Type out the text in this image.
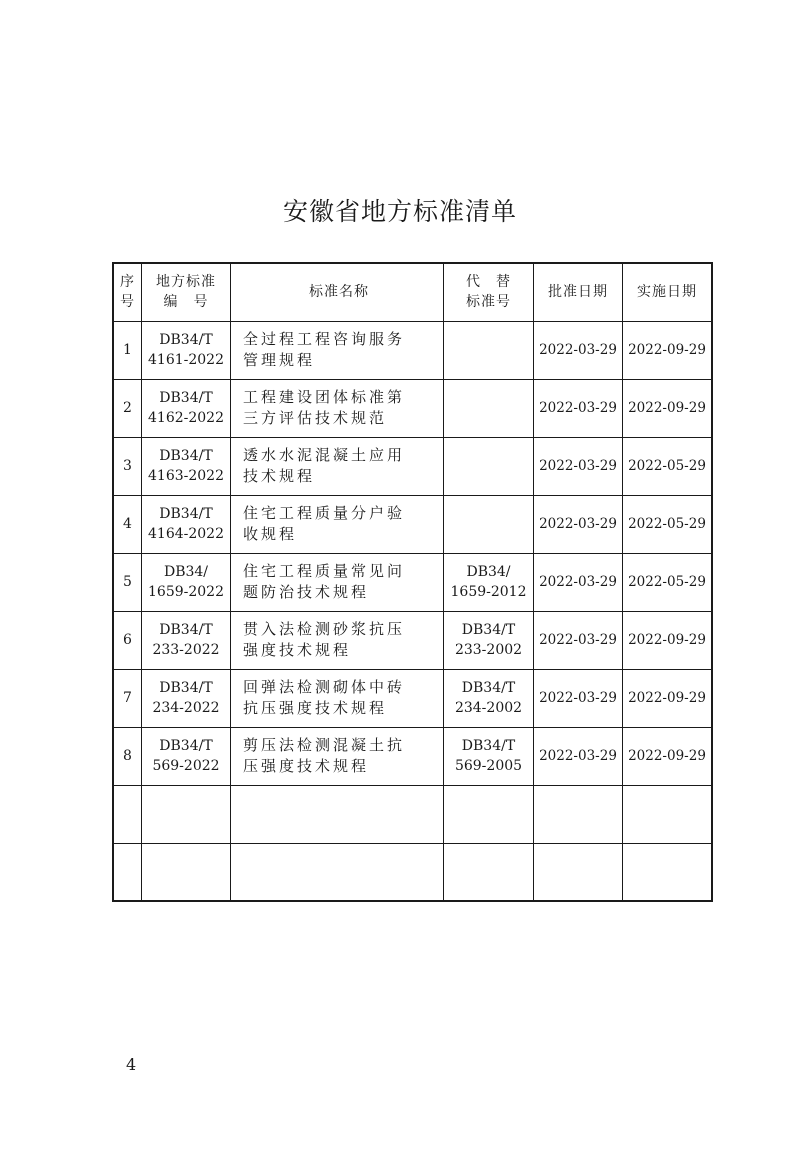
安徽省地方标准清单
序
号	地方标准
编　号	标准名称	代　替
标准号	批准日期	实施日期
1	DB34/T
4161-2022	全过程工程咨询服务
管理规程		2022-03-29	2022-09-29
2	DB34/T
4162-2022	工程建设团体标准第
三方评估技术规范		2022-03-29	2022-09-29
3	DB34/T
4163-2022	透水水泥混凝土应用
技术规程		2022-03-29	2022-05-29
4	DB34/T
4164-2022	住宅工程质量分户验
收规程		2022-03-29	2022-05-29
5	DB34/
1659-2022	住宅工程质量常见问
题防治技术规程	DB34/
1659-2012	2022-03-29	2022-05-29
6	DB34/T
233-2022	贯入法检测砂浆抗压
强度技术规程	DB34/T
233-2002	2022-03-29	2022-09-29
7	DB34/T
234-2022	回弹法检测砌体中砖
抗压强度技术规程	DB34/T
234-2002	2022-03-29	2022-09-29
8	DB34/T
569-2022	剪压法检测混凝土抗
压强度技术规程	DB34/T
569-2005	2022-03-29	2022-09-29

4
